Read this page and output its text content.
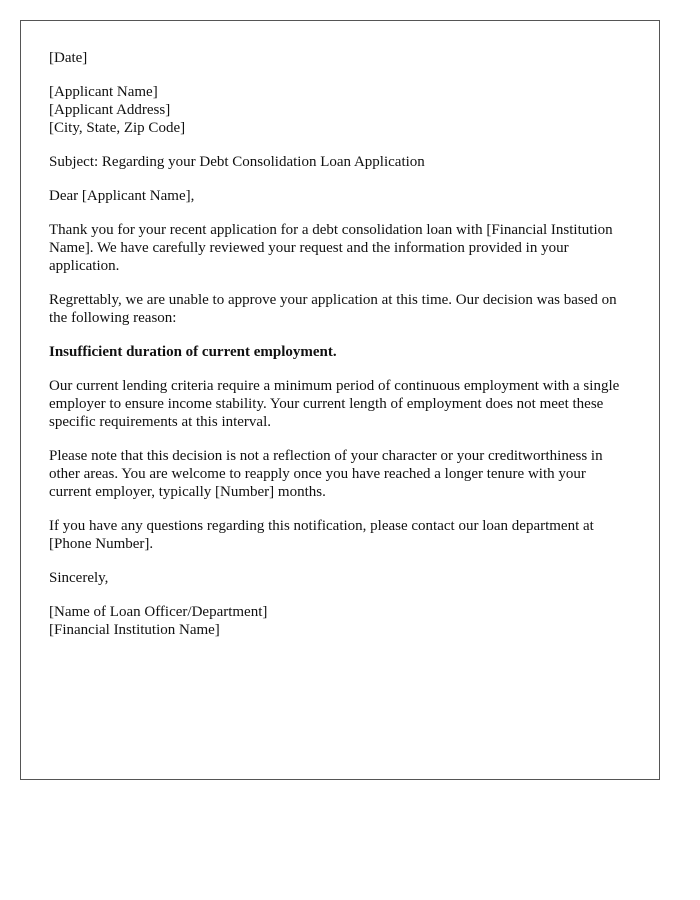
[Date]

[Applicant Name]
[Applicant Address]
[City, State, Zip Code]

Subject: Regarding your Debt Consolidation Loan Application

Dear [Applicant Name],

Thank you for your recent application for a debt consolidation loan with [Financial Institution Name]. We have carefully reviewed your request and the information provided in your application.

Regrettably, we are unable to approve your application at this time. Our decision was based on the following reason:

Insufficient duration of current employment.

Our current lending criteria require a minimum period of continuous employment with a single employer to ensure income stability. Your current length of employment does not meet these specific requirements at this interval.

Please note that this decision is not a reflection of your character or your creditworthiness in other areas. You are welcome to reapply once you have reached a longer tenure with your current employer, typically [Number] months.

If you have any questions regarding this notification, please contact our loan department at [Phone Number].

Sincerely,

[Name of Loan Officer/Department]
[Financial Institution Name]
